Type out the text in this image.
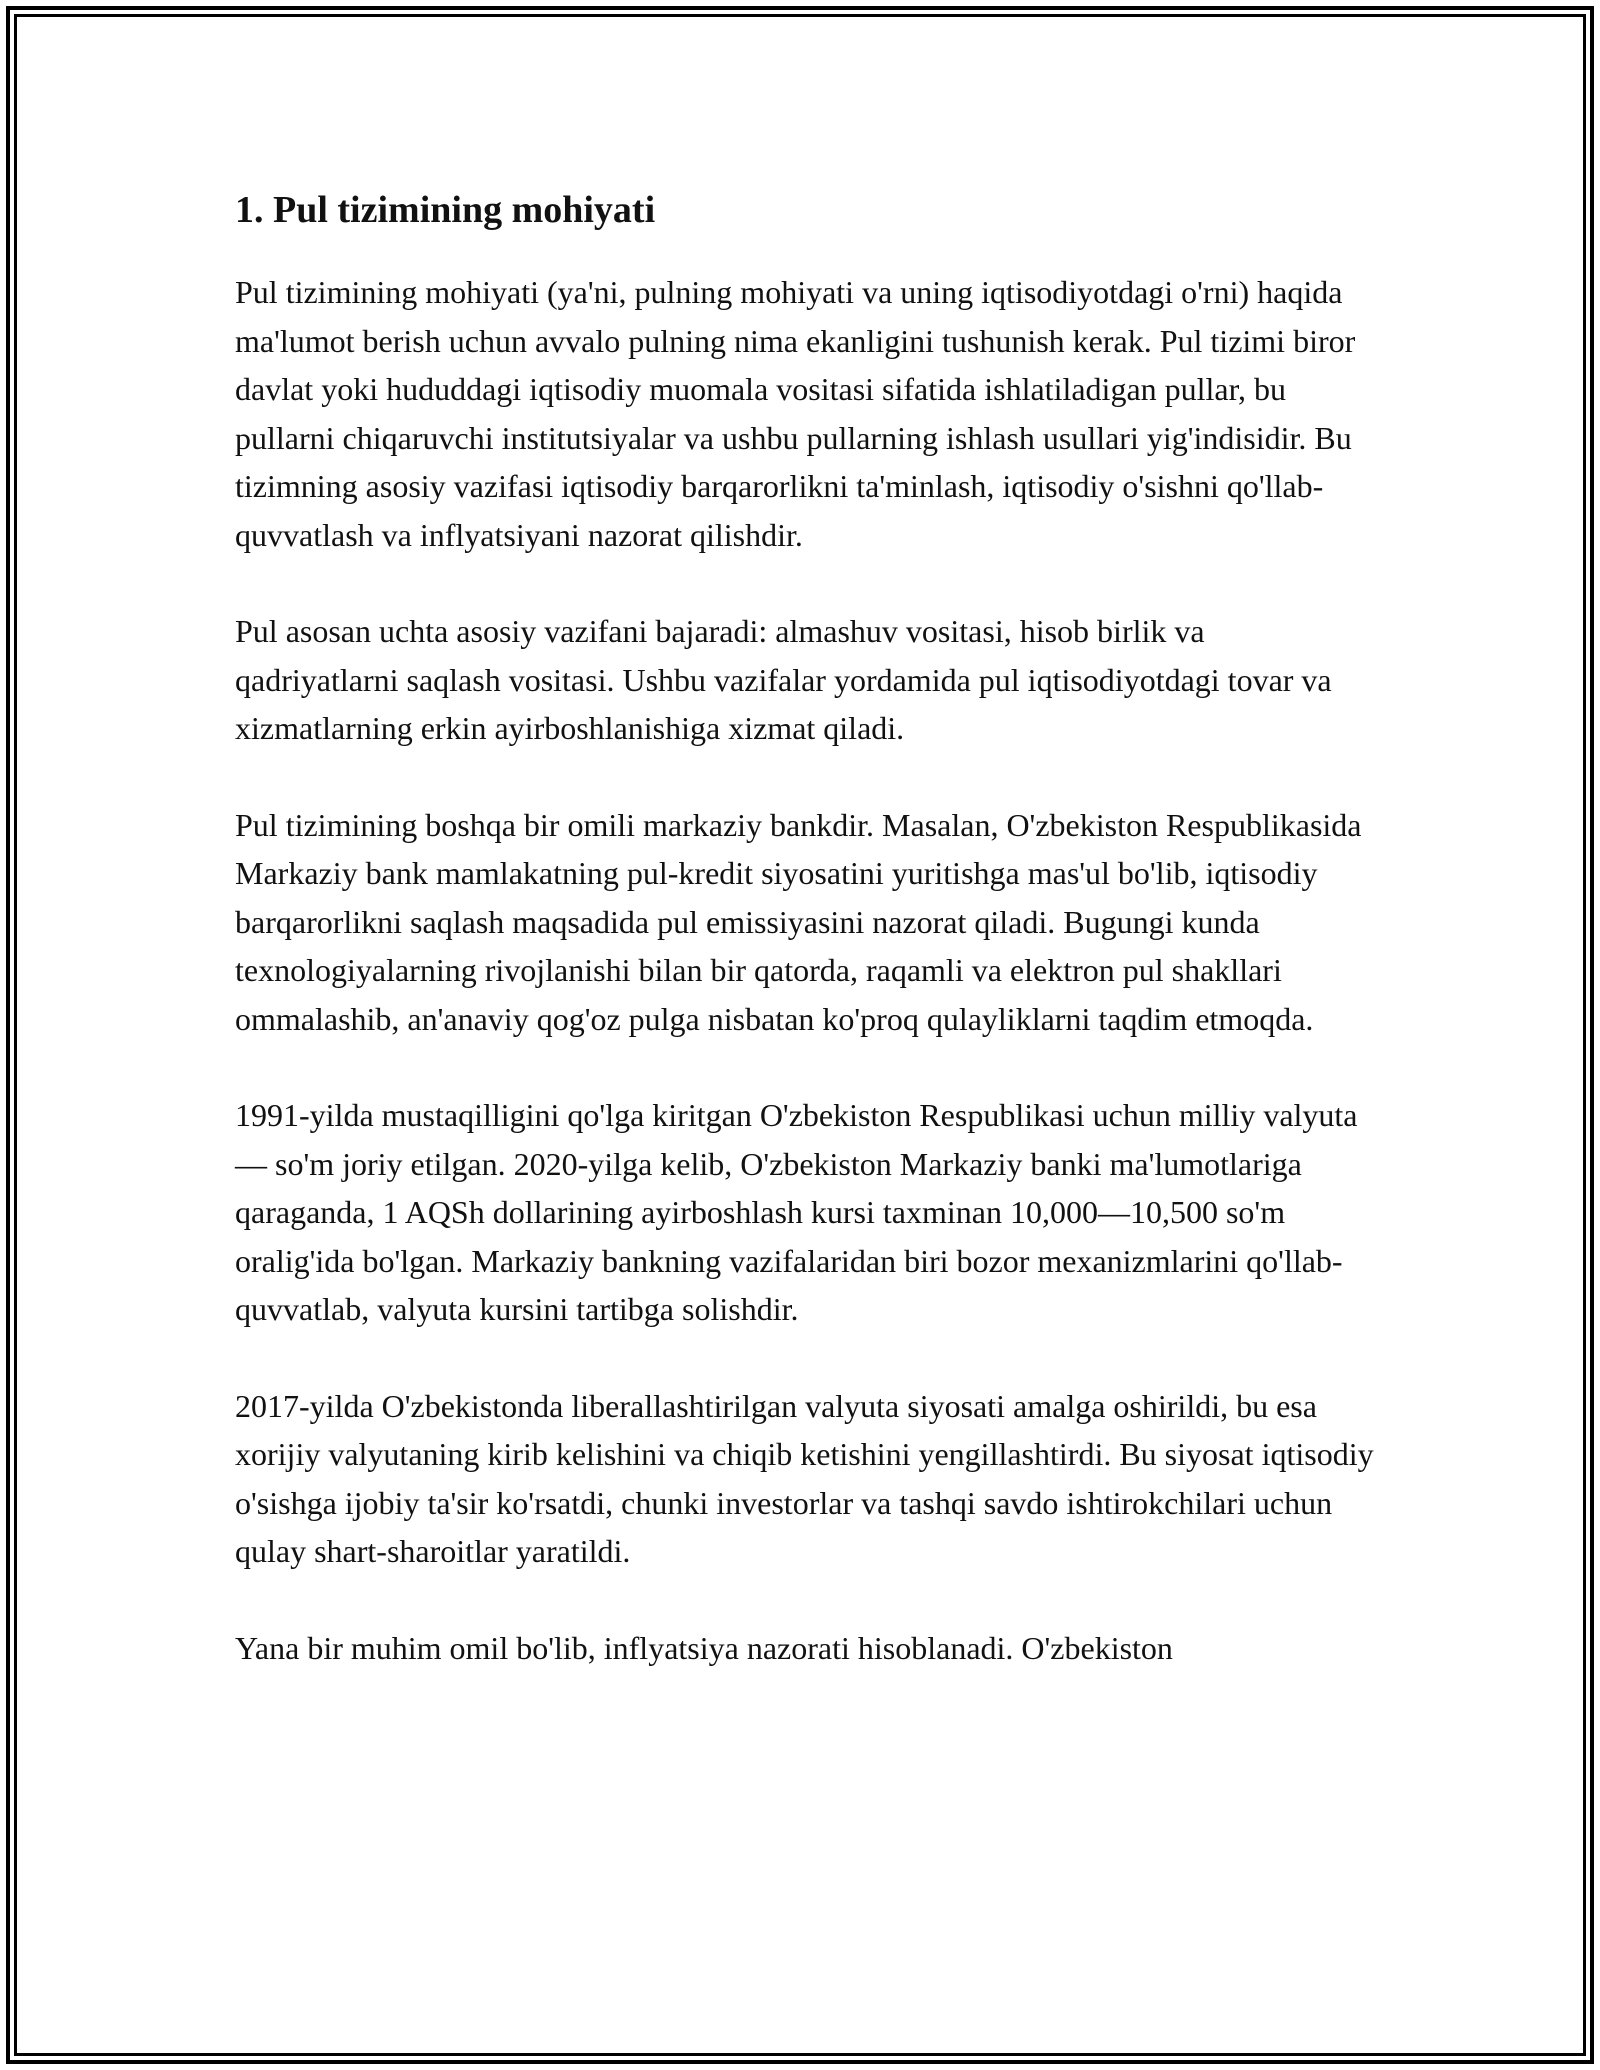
1. Pul tizimining mohiyati

Pul tizimining mohiyati (ya'ni, pulning mohiyati va uning iqtisodiyotdagi o'rni) haqida ma'lumot berish uchun avvalo pulning nima ekanligini tushunish kerak. Pul tizimi biror davlat yoki hududdagi iqtisodiy muomala vositasi sifatida ishlatiladigan pullar, bu pullarni chiqaruvchi institutsiyalar va ushbu pullarning ishlash usullari yig'indisidir. Bu tizimning asosiy vazifasi iqtisodiy barqarorlikni ta'minlash, iqtisodiy o'sishni qo'llab-quvvatlash va inflyatsiyani nazorat qilishdir.

Pul asosan uchta asosiy vazifani bajaradi: almashuv vositasi, hisob birlik va qadriyatlarni saqlash vositasi. Ushbu vazifalar yordamida pul iqtisodiyotdagi tovar va xizmatlarning erkin ayirboshlanishiga xizmat qiladi.

Pul tizimining boshqa bir omili markaziy bankdir. Masalan, O'zbekiston Respublikasida Markaziy bank mamlakatning pul-kredit siyosatini yuritishga mas'ul bo'lib, iqtisodiy barqarorlikni saqlash maqsadida pul emissiyasini nazorat qiladi. Bugungi kunda texnologiyalarning rivojlanishi bilan bir qatorda, raqamli va elektron pul shakllari ommalashib, an'anaviy qog'oz pulga nisbatan ko'proq qulayliklarni taqdim etmoqda.

1991-yilda mustaqilligini qo'lga kiritgan O'zbekiston Respublikasi uchun milliy valyuta — so'm joriy etilgan. 2020-yilga kelib, O'zbekiston Markaziy banki ma'lumotlariga qaraganda, 1 AQSh dollarining ayirboshlash kursi taxminan 10,000—10,500 so'm oralig'ida bo'lgan. Markaziy bankning vazifalaridan biri bozor mexanizmlarini qo'llab-quvvatlab, valyuta kursini tartibga solishdir.

2017-yilda O'zbekistonda liberallashtirilgan valyuta siyosati amalga oshirildi, bu esa xorijiy valyutaning kirib kelishini va chiqib ketishini yengillashtirdi. Bu siyosat iqtisodiy o'sishga ijobiy ta'sir ko'rsatdi, chunki investorlar va tashqi savdo ishtirokchilari uchun qulay shart-sharoitlar yaratildi.

Yana bir muhim omil bo'lib, inflyatsiya nazorati hisoblanadi. O'zbekiston
